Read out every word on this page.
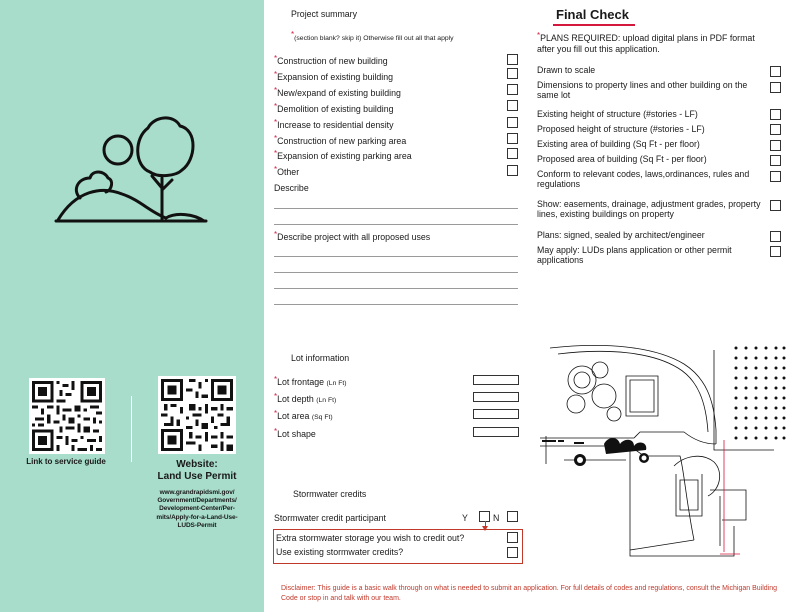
Link to service guide	Website:
Land Use Permit
www.grandrapidsmi.gov/
Government/Departments/
Development-Center/Per-
mits/Apply-for-a-Land-Use-
LUDS-Permit
Project summary
*(section blank? skip it) Otherwise fill out all that apply
*Construction of new building
*Expansion of existing building
*New/expand of existing building
*Demolition of existing building
*Increase to residential density
*Construction of new parking area
*Expansion of existing parking area
*Other
Describe
*Describe project with all proposed uses
Lot information
*Lot frontage (Ln Ft)
*Lot depth (Ln Ft)
*Lot area (Sq Ft)
*Lot shape
Stormwater credits
Stormwater credit participant	Y	N
Extra stormwater storage you wish to credit out?
Use existing stormwater credits?
Final Check
*PLANS REQUIRED: upload digital plans in PDF format after you fill out this application.
Drawn to scale
Dimensions to property lines and other building on the same lot
Existing height of structure (#stories - LF)
Proposed height of structure (#stories - LF)
Existing area of building (Sq Ft - per floor)
Proposed area of building (Sq Ft - per floor)
Conform to relevant codes, laws,ordinances, rules and regulations
Show: easements, drainage, adjustment grades, property lines, existing buildings on property
Plans: signed, sealed by architect/engineer
May apply: LUDs plans application or other permit applications
Disclaimer: This guide is a basic walk through on what is needed to submit an application. For full details of codes and regulations, consult the Michigan Building Code or stop in and talk with our team.
